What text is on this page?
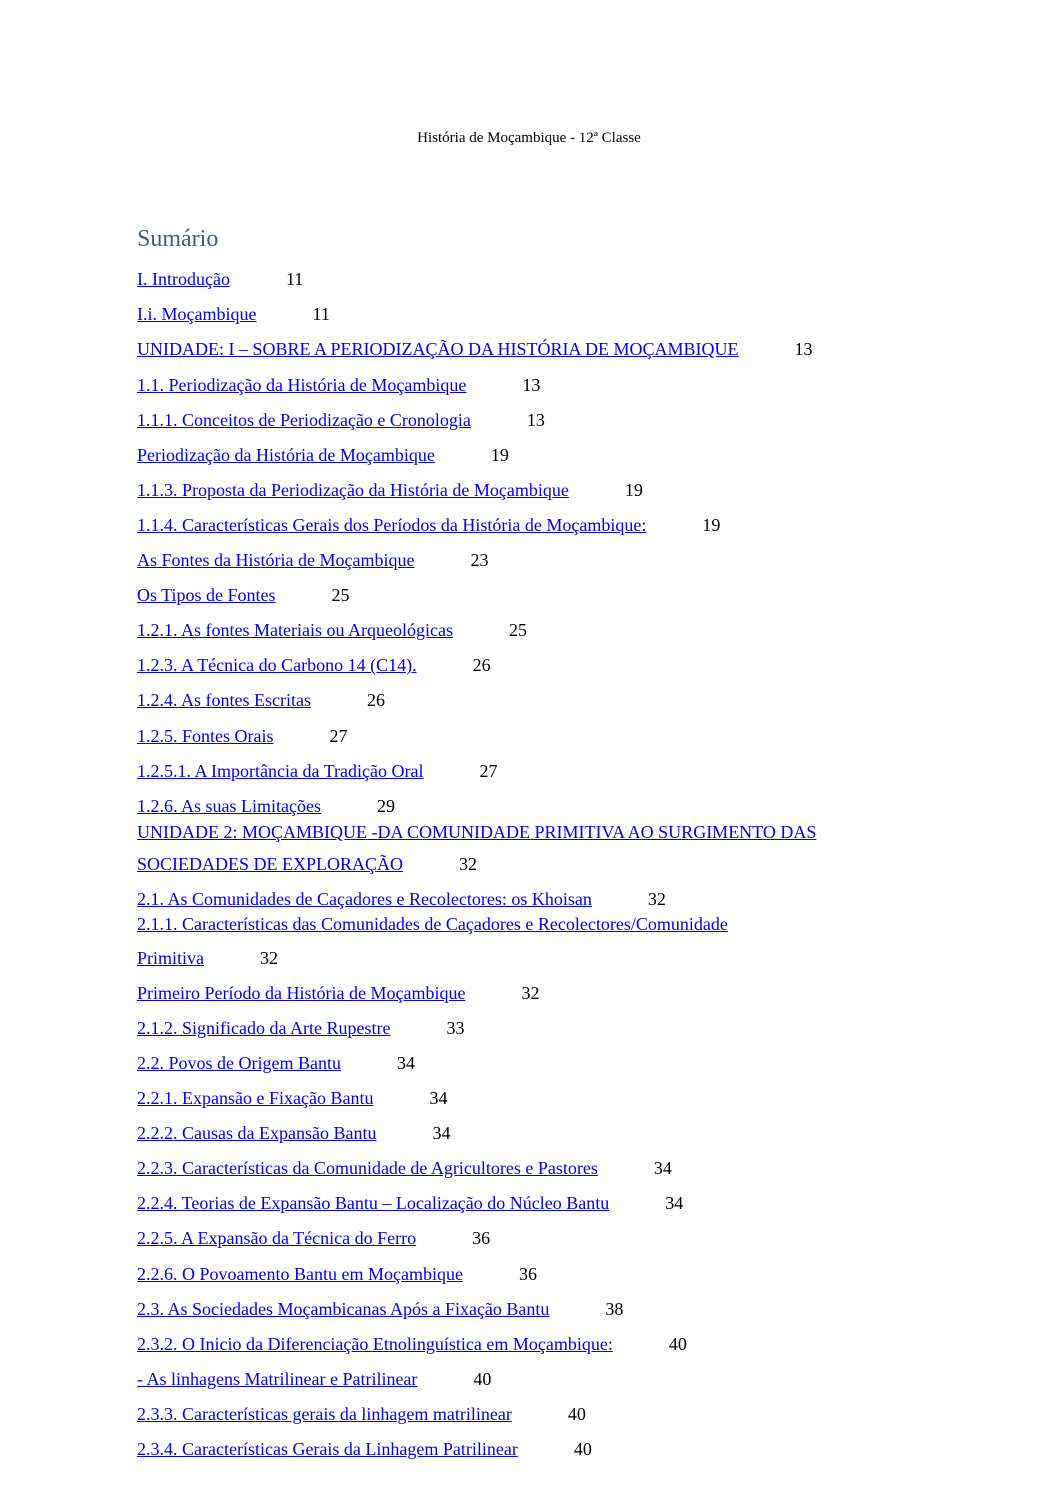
História de Moçambique - 12ª Classe
Sumário
I. Introdução	11
I.i. Moçambique	11
UNIDADE: I – SOBRE A PERIODIZAÇÃO DA HISTÓRIA DE MOÇAMBIQUE	13
1.1. Periodização da História de Moçambique	13
1.1.1. Conceitos de Periodização e Cronologia	13
Periodização da História de Moçambique	19
1.1.3. Proposta da Periodização da História de Moçambique	19
1.1.4. Características Gerais dos Períodos da História de Moçambique:	19
As Fontes da História de Moçambique	23
Os Tipos de Fontes	25
1.2.1. As fontes Materiais ou Arqueológicas	25
1.2.3. A Técnica do Carbono 14 (C14).	26
1.2.4. As fontes Escritas	26
1.2.5. Fontes Orais	27
1.2.5.1. A Importância da Tradição Oral	27
1.2.6. As suas Limitações	29
UNIDADE 2: MOÇAMBIQUE -DA COMUNIDADE PRIMITIVA AO SURGIMENTO DAS
SOCIEDADES DE EXPLORAÇÃO	32
2.1. As Comunidades de Caçadores e Recolectores: os Khoisan	32
2.1.1. Características das Comunidades de Caçadores e Recolectores/Comunidade
Primitiva	32
Primeiro Período da História de Moçambique	32
2.1.2. Significado da Arte Rupestre	33
2.2. Povos de Origem Bantu	34
2.2.1. Expansão e Fixação Bantu	34
2.2.2. Causas da Expansão Bantu	34
2.2.3. Características da Comunidade de Agricultores e Pastores	34
2.2.4. Teorias de Expansão Bantu – Localização do Núcleo Bantu	34
2.2.5. A Expansão da Técnica do Ferro	36
2.2.6. O Povoamento Bantu em Moçambique	36
2.3. As Sociedades Moçambicanas Após a Fixação Bantu	38
2.3.2. O Inicio da Diferenciação Etnolinguística em Moçambique:	40
- As linhagens Matrilinear e Patrilinear	40
2.3.3. Características gerais da linhagem matrilinear	40
2.3.4. Características Gerais da Linhagem Patrilinear	40
